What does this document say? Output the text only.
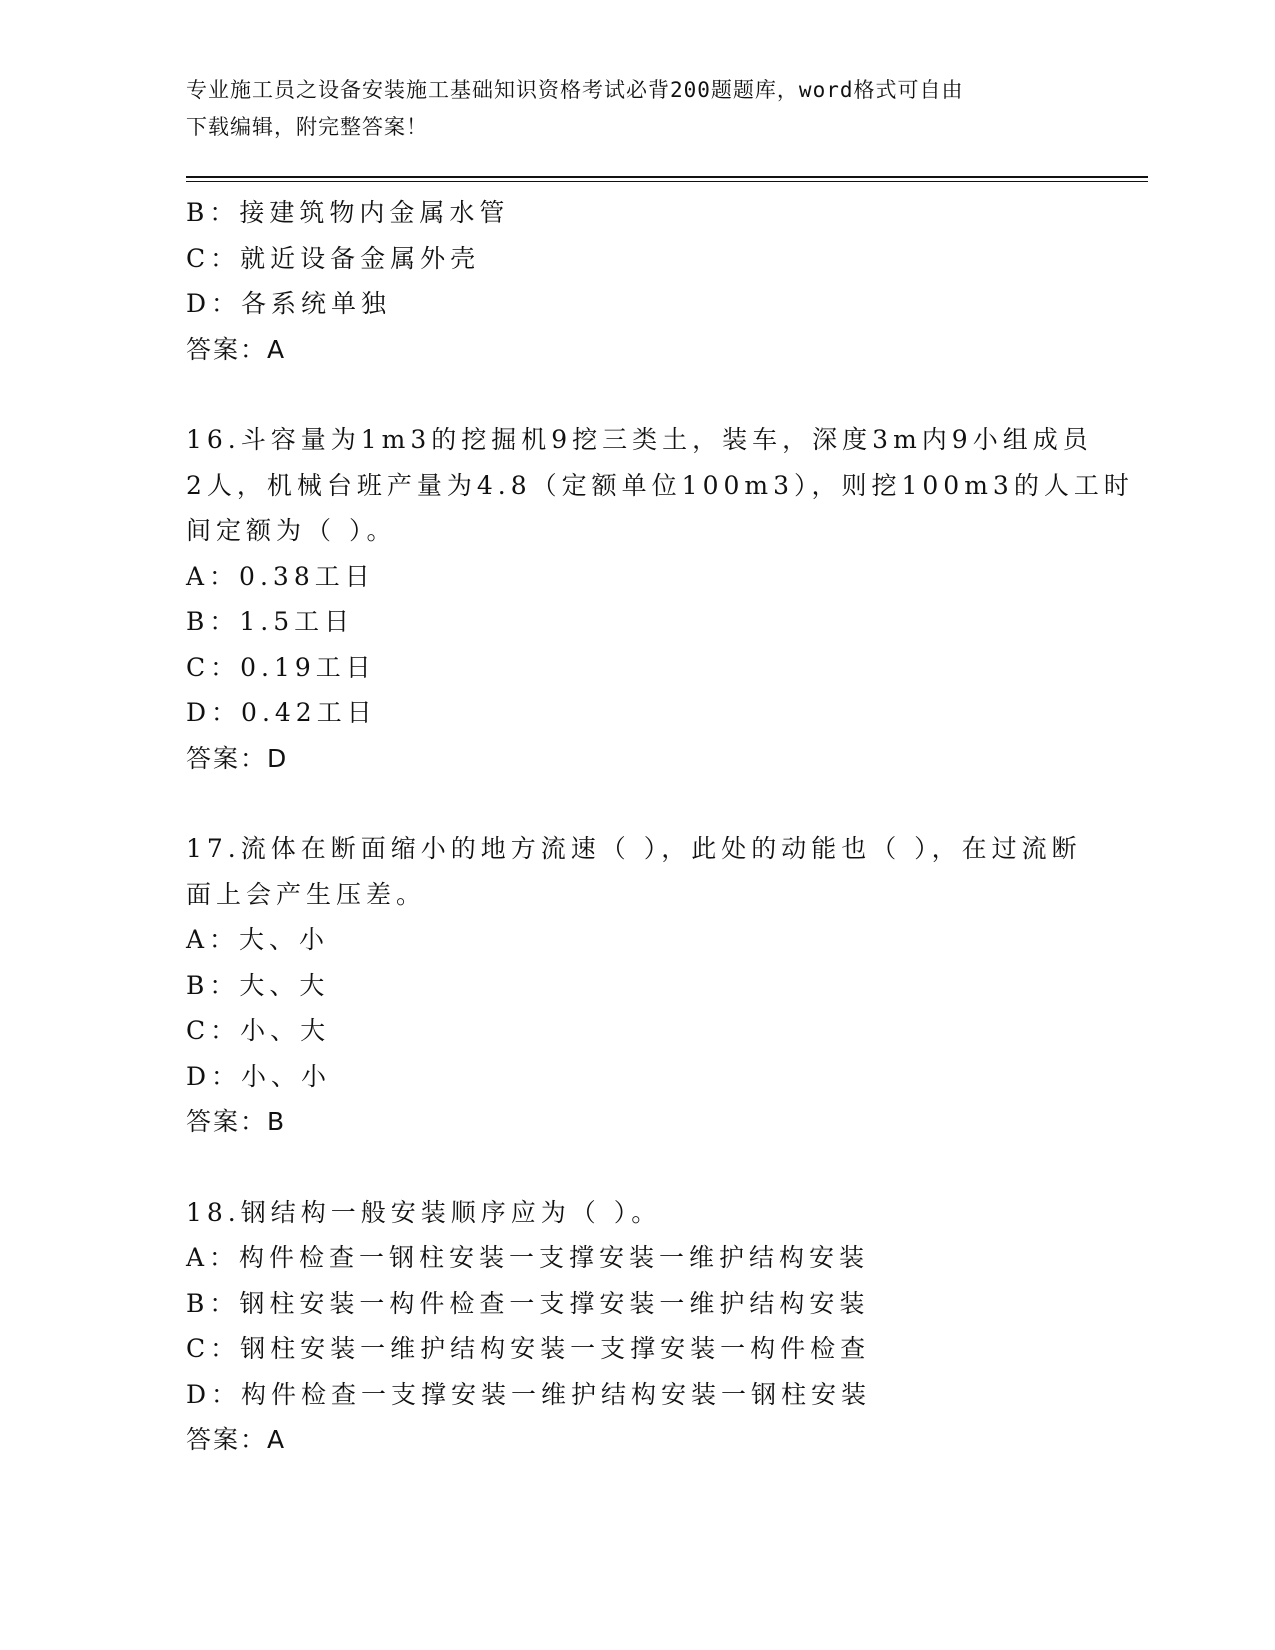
专业施工员之设备安装施工基础知识资格考试必背200题题库，word格式可自由
下载编辑，附完整答案！
B：接建筑物内金属水管
C：就近设备金属外壳
D：各系统单独
答案：A
16.斗容量为1m3的挖掘机9挖三类土，装车，深度3m内9小组成员
2人，机械台班产量为4.8（定额单位100m3），则挖100m3的人工时
间定额为（ ）。
A：0.38工日
B：1.5工日
C：0.19工日
D：0.42工日
答案：D
17.流体在断面缩小的地方流速（ ），此处的动能也（ ），在过流断
面上会产生压差。
A：大、小
B：大、大
C：小、大
D：小、小
答案：B
18.钢结构一般安装顺序应为（ ）。
A：构件检查一钢柱安装一支撑安装一维护结构安装
B：钢柱安装一构件检查一支撑安装一维护结构安装
C：钢柱安装一维护结构安装一支撑安装一构件检查
D：构件检查一支撑安装一维护结构安装一钢柱安装
答案：A
